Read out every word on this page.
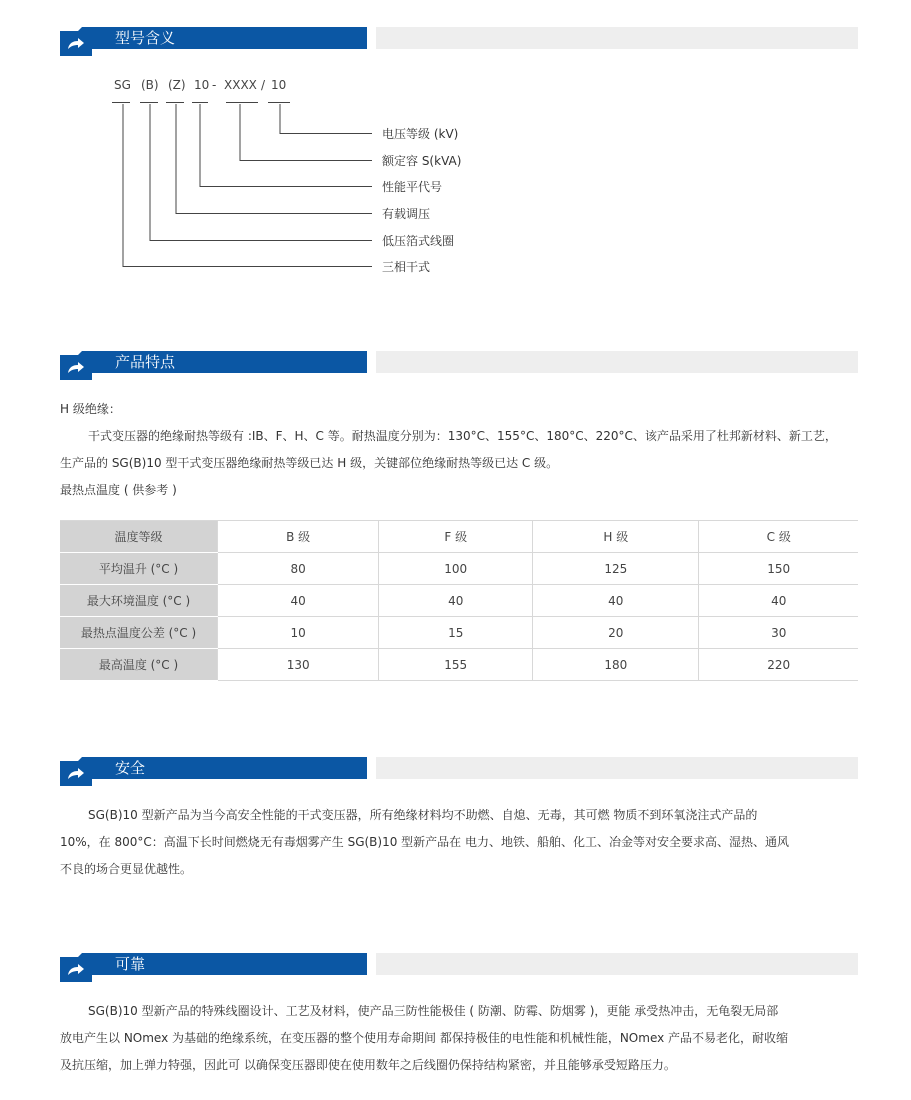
型号含义
SG (B) (Z) 10 - XXXX / 10
电压等级 (kV)
额定容 S(kVA)
性能平代号
有载调压
低压箔式线圈
三相干式
产品特点
H 级绝缘：
干式变压器的绝缘耐热等级有 :IB、F、H、C 等。耐热温度分别为：130°C、155°C、180°C、220°C、该产品采用了杜邦新材料、新工艺，
生产品的 SG(B)10 型干式变压器绝缘耐热等级已达 H 级，关键部位绝缘耐热等级已达 C 级。
最热点温度 ( 供参考 )
温度等级	B 级	F 级	H 级	C 级
平均温升 (°C )	80	100	125	150
最大环境温度 (°C )	40	40	40	40
最热点温度公差 (°C )	10	15	20	30
最高温度 (°C )	130	155	180	220
安全
SG(B)10 型新产品为当今高安全性能的干式变压器，所有绝缘材料均不助燃、自熄、无毒，其可燃 物质不到环氧浇注式产品的
10%，在 800°C：高温下长时间燃烧无有毒烟雾产生 SG(B)10 型新产品在 电力、地铁、船舶、化工、冶金等对安全要求高、湿热、通风
不良的场合更显优越性。
可靠
SG(B)10 型新产品的特殊线圈设计、工艺及材料，使产品三防性能极佳 ( 防潮、防霉、防烟雾 )，更能 承受热冲击，无龟裂无局部
放电产生以 NOmex 为基础的绝缘系统，在变压器的整个使用寿命期间 都保持极佳的电性能和机械性能，NOmex 产品不易老化，耐收缩
及抗压缩，加上弹力特强，因此可 以确保变压器即使在使用数年之后线圈仍保持结构紧密，并且能够承受短路压力。
